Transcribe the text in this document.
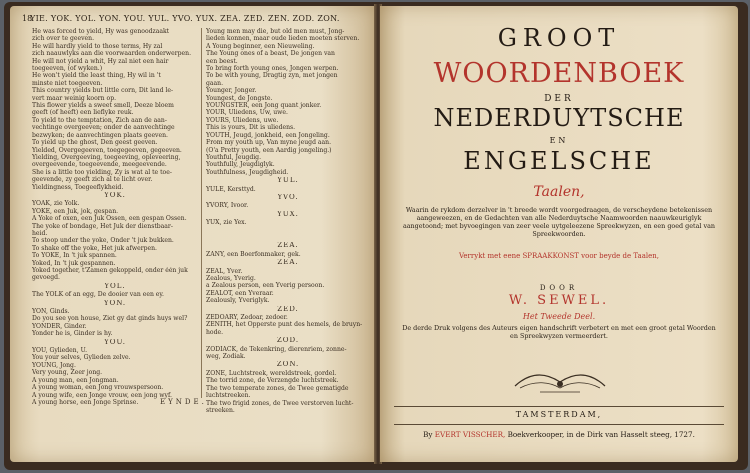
18
YIE. YOK. YOL. YON. YOU. YUL. YVO. YUX. ZEA. ZED. ZEN. ZOD. ZON.
He was forced to yield, Hy was genoodzaakt
zich over te geeven.
He will hardly yield to those terms, Hy zal
zich naauwlyks aan die voorwaarden onderwerpen.
He will not yield a whit, Hy zal niet een hair
toegeeven, (of wyken.)
He won't yield the least thing, Hy wil in 't
minste niet toegeeven.
This country yields but little corn, Dit land le-
vert maar weinig koorn op.
This flower yields a sweet smell, Deeze bloem
geeft (of heeft) een lieflyke reuk.
To yield to the temptation, Zich aan de aan-
vechtinge overgeeven; onder de aanvechtinge
bezwyken; de aanvechtingen plaats geeven.
To yield up the ghost, Den geest geeven.
Yielded, Overgegeeven, toegegeeven, gegeeven.
Yielding, Overgeeving, toegeeving, opleveering,
overgeevende, toegeevende, meegeevende.
She is a little too yielding, Zy is wat al te toe-
geevende, zy geeft zich al te licht over.
Yieldingness, Toegeeflykheid.
YOK.
YOAK, zie Yolk.
YOKE, een Juk, jok, gespan.
A Yoke of oxen, een Juk Ossen, een gespan Ossen.
The yoke of bondage, Het Juk der dienstbaar-
heid.
To stoop under the yoke, Onder 't juk bukken.
To shake off the yoke, Het juk afwerpen.
To YOKE, In 't juk spannen.
Yoked, In 't juk gespannen.
Yoked together, t'Zamen gekoppeld, onder één juk
gevoegd.
YOL.
The YOLK of an egg, De dooier van een ey.
YON.
YON, Ginds.
Do you see yon house, Ziet gy dat ginds huys wel?
YONDER, Ginder.
Yonder he is, Ginder is hy.
YOU.
YOU, Gylieden, U.
You your selves, Gylieden zelve.
YOUNG, Jong.
Very young, Zeer jong.
A young man, een Jongman.
A young woman, een Jong vrouwspersoon.
A young wife, een Jonge vrouw, een jong wyf.
A young horse, een Jonge Sprinse.
Young men may die, but old men must, Jong-
lieden konnen, maar oude lieden moeten sterven.
A Young beginner, een Nieuweling.
The Young ones of a beast, De jongen van
een beest.
To bring forth young ones, Jongen werpen.
To be with young, Dragtig zyn, met jongen
gaan.
Younger, Jonger.
Youngest, de Jongste.
YOUNGSTER, een Jong quant jonker.
YOUR, Uliedens, Uw, uwe.
YOURS, Uliedens, uwe.
This is yours, Dit is uliedens.
YOUTH, Jeugd, jonkheid, een Jongeling.
From my youth up, Van myne jeugd aan.
(O'a Pretty youth, een Aardig jongeling.)
Youthful, Jeugdig.
Youthfully, Jeugdiglyk.
Youthfulness, Jeugdigheid.
YUL.
YULE, Kersttyd.
YVO.
YVORY, Ivoor.
YUX.
YUX, zie Yex.

ZEA.
ZANY, een Boerfonmaker, gek.
ZEA.
ZEAL, Yver.
Zealous, Yverig.
a Zealous person, een Yverig persoon.
ZEALOT, een Yveraar.
Zealously, Yveriglyk.
ZED.
ZEDOARY, Zedoar, zedoer.
ZENITH, het Opperste punt des hemels, de bruyn-
hode.
ZOD.
ZODIACK, de Tekenkring, dierenriem, zonne-
weg, Zodiak.
ZON.
ZONE, Luchtstreek, wereldstreek, gordel.
The torrid zone, de Verzengde luchtstreek.
The two temperate zones, de Twee gematigde
luchtstreeken.
The two frigid zones, de Twee verstorven lucht-
streeken.
EYNDE.
GROOT
WOORDENBOEK
DER
NEDERDUYTSCHE
EN
ENGELSCHE
Taalen,
Waarin de rykdom derzelver in 't breede wordt voorgedraagen, de verscheydene betekenissen aangeweezen, en de Gedachten van alle Nederduytsche Naamwoorden naauwkeuriglyk aangetoond; met byvoegingen van zeer veele uytgeleezene Spreekwyzen, en een goed getal van Spreekwoorden.
Verrykt met eene SPRAAKKONST voor beyde de Taalen,
DOOR
W. SEWEL.
Het Tweede Deel.
De derde Druk volgens des Auteurs eigen handschrift verbetert en met een groot getal Woorden en Spreekwyzen vermeerdert.
TAMSTERDAM,
By EVERT VISSCHER, Boekverkooper, in de Dirk van Hasselt steeg, 1727.
